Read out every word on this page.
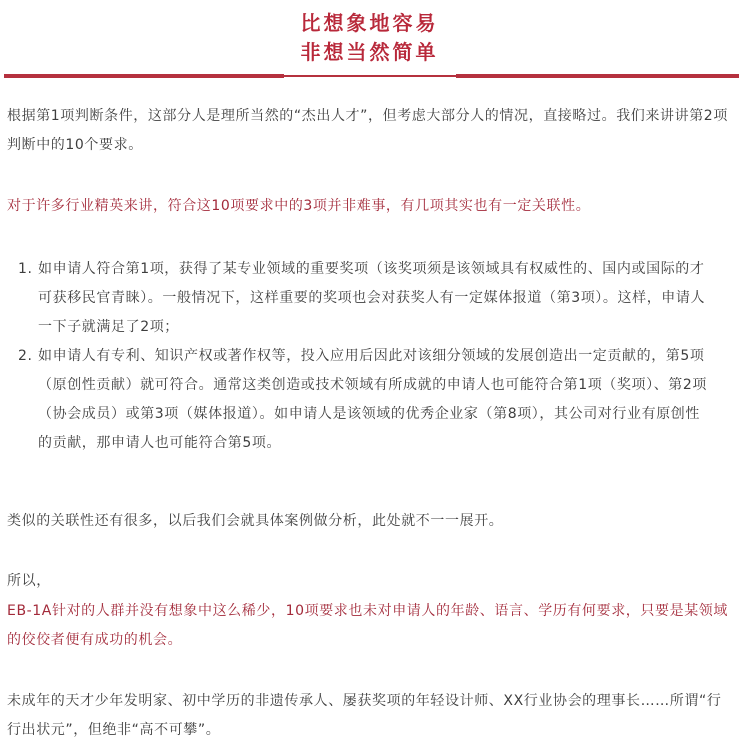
比想象地容易
非想当然简单

根据第1项判断条件，这部分人是理所当然的“杰出人才”，但考虑大部分人的情况，直接略过。我们来讲讲第2项判断中的10个要求。

对于许多行业精英来讲，符合这10项要求中的3项并非难事，有几项其实也有一定关联性。

1. 如申请人符合第1项，获得了某专业领域的重要奖项（该奖项须是该领域具有权威性的、国内或国际的才可获移民官青睐）。一般情况下，这样重要的奖项也会对获奖人有一定媒体报道（第3项）。这样，申请人一下子就满足了2项；
2. 如申请人有专利、知识产权或著作权等，投入应用后因此对该细分领域的发展创造出一定贡献的，第5项（原创性贡献）就可符合。通常这类创造或技术领域有所成就的申请人也可能符合第1项（奖项）、第2项（协会成员）或第3项（媒体报道）。如申请人是该领域的优秀企业家（第8项），其公司对行业有原创性的贡献，那申请人也可能符合第5项。

类似的关联性还有很多，以后我们会就具体案例做分析，此处就不一一展开。

所以，

EB-1A针对的人群并没有想象中这么稀少，10项要求也未对申请人的年龄、语言、学历有何要求，只要是某领域的佼佼者便有成功的机会。

未成年的天才少年发明家、初中学历的非遗传承人、屡获奖项的年轻设计师、XX行业协会的理事长……所谓“行行出状元”，但绝非“高不可攀”。
